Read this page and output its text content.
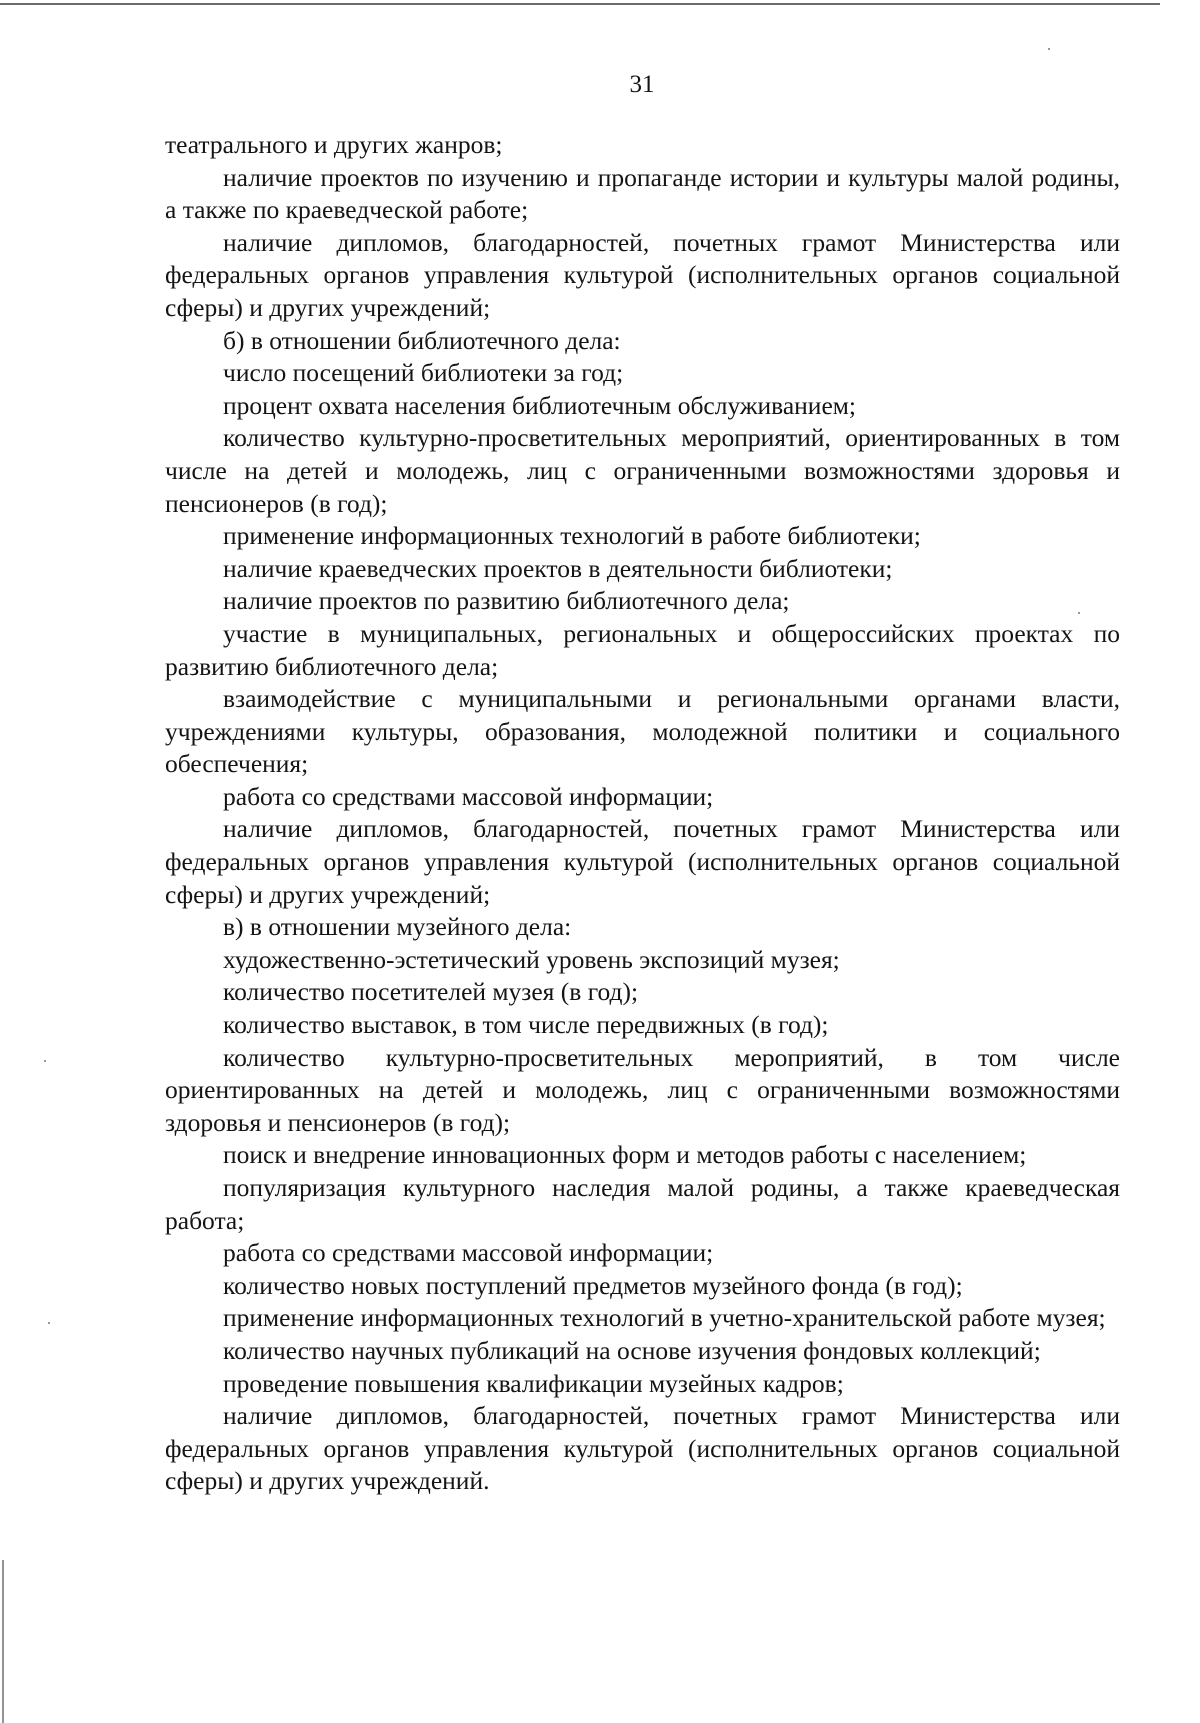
31

театрального и других жанров;

наличие проектов по изучению и пропаганде истории и культуры малой родины, а также по краеведческой работе;

наличие дипломов, благодарностей, почетных грамот Министерства или федеральных органов управления культурой (исполнительных органов социальной сферы) и других учреждений;

б) в отношении библиотечного дела:

число посещений библиотеки за год;

процент охвата населения библиотечным обслуживанием;

количество культурно-просветительных мероприятий, ориентированных в том числе на детей и молодежь, лиц с ограниченными возможностями здоровья и пенсионеров (в год);

применение информационных технологий в работе библиотеки;

наличие краеведческих проектов в деятельности библиотеки;

наличие проектов по развитию библиотечного дела;

участие в муниципальных, региональных и общероссийских проектах по развитию библиотечного дела;

взаимодействие с муниципальными и региональными органами власти, учреждениями культуры, образования, молодежной политики и социального обеспечения;

работа со средствами массовой информации;

наличие дипломов, благодарностей, почетных грамот Министерства или федеральных органов управления культурой (исполнительных органов социальной сферы) и других учреждений;

в) в отношении музейного дела:

художественно-эстетический уровень экспозиций музея;

количество посетителей музея (в год);

количество выставок, в том числе передвижных (в год);

количество культурно-просветительных мероприятий, в том числе ориентированных на детей и молодежь, лиц с ограниченными возможностями здоровья и пенсионеров (в год);

поиск и внедрение инновационных форм и методов работы с населением;

популяризация культурного наследия малой родины, а также краеведческая работа;

работа со средствами массовой информации;

количество новых поступлений предметов музейного фонда (в год);

применение информационных технологий в учетно-хранительской работе музея;

количество научных публикаций на основе изучения фондовых коллекций;

проведение повышения квалификации музейных кадров;

наличие дипломов, благодарностей, почетных грамот Министерства или федеральных органов управления культурой (исполнительных органов социальной сферы) и других учреждений.
